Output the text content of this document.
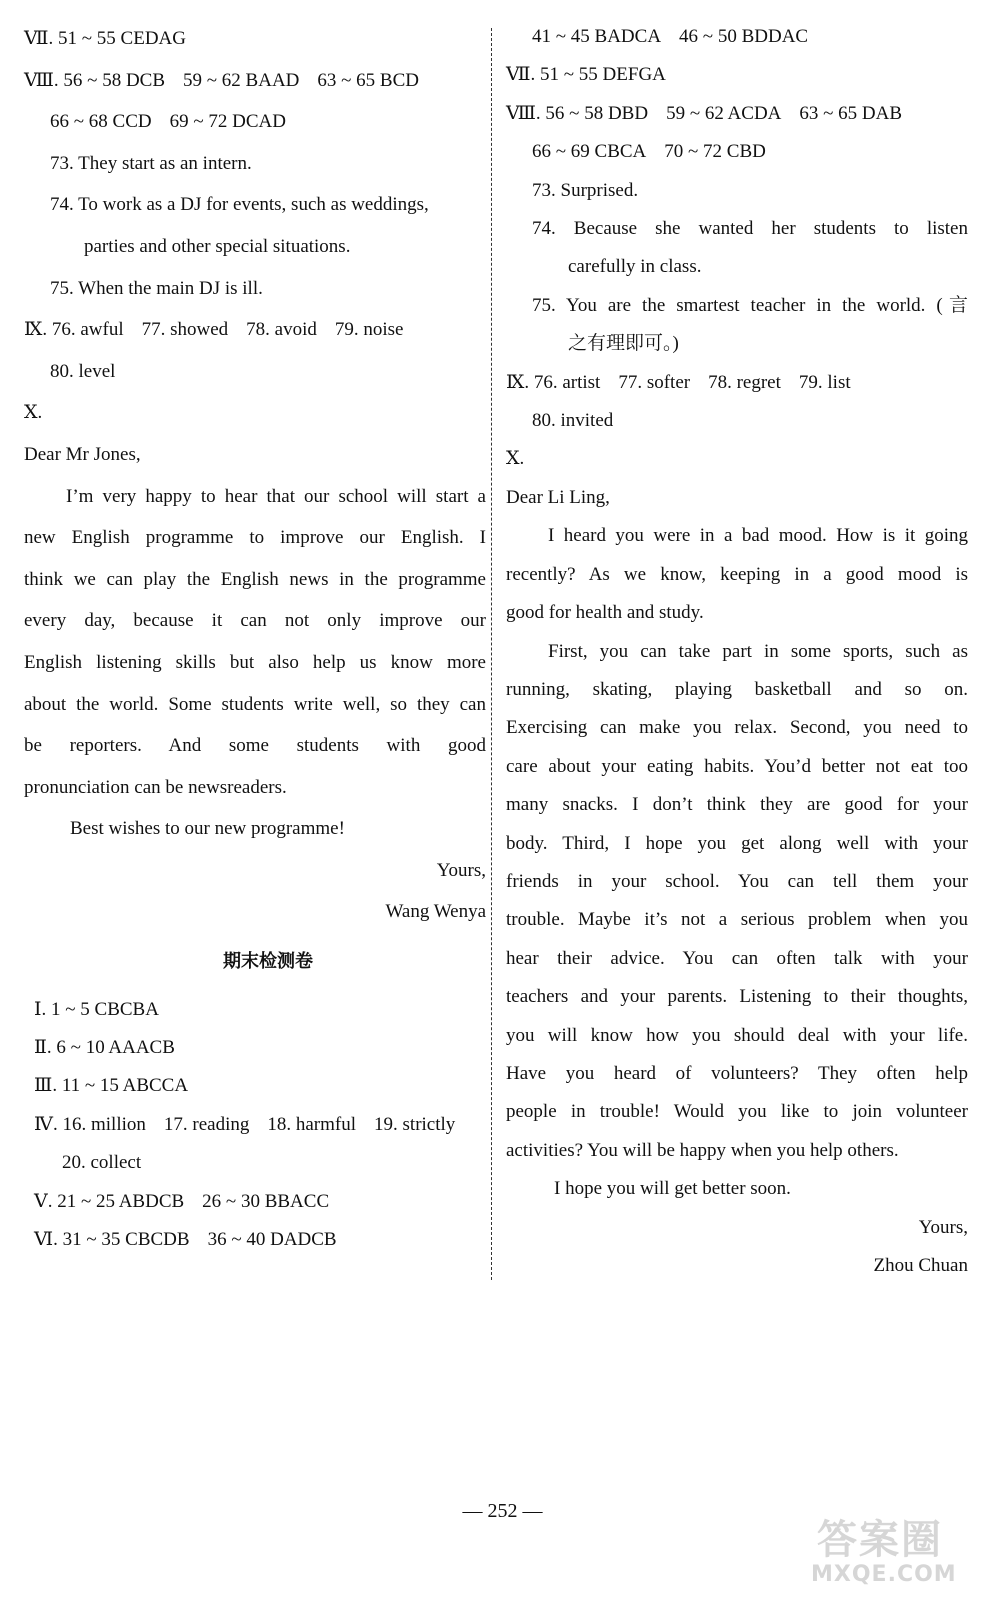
Ⅶ. 51 ~ 55 CEDAG
Ⅷ. 56 ~ 58 DCB 59 ~ 62 BAAD 63 ~ 65 BCD
66 ~ 68 CCD 69 ~ 72 DCAD
73. They start as an intern.
74. To work as a DJ for events, such as weddings,
parties and other special situations.
75. When the main DJ is ill.
Ⅸ. 76. awful 77. showed 78. avoid 79. noise
80. level
Ⅹ.
Dear Mr Jones,
I’m very happy to hear that our school will start a
new English programme to improve our English. I
think we can play the English news in the programme
every day, because it can not only improve our
English listening skills but also help us know more
about the world. Some students write well, so they can
be reporters. And some students with good
pronunciation can be newsreaders.
Best wishes to our new programme!
Yours,
Wang Wenya
期末检测卷
Ⅰ. 1 ~ 5 CBCBA
Ⅱ. 6 ~ 10 AAACB
Ⅲ. 11 ~ 15 ABCCA
Ⅳ. 16. million 17. reading 18. harmful 19. strictly
20. collect
Ⅴ. 21 ~ 25 ABDCB 26 ~ 30 BBACC
Ⅵ. 31 ~ 35 CBCDB 36 ~ 40 DADCB
41 ~ 45 BADCA 46 ~ 50 BDDAC
Ⅶ. 51 ~ 55 DEFGA
Ⅷ. 56 ~ 58 DBD 59 ~ 62 ACDA 63 ~ 65 DAB
66 ~ 69 CBCA 70 ~ 72 CBD
73. Surprised.
74. Because she wanted her students to listen
carefully in class.
75. You are the smartest teacher in the world. (言
之有理即可。)
Ⅸ. 76. artist 77. softer 78. regret 79. list
80. invited
Ⅹ.
Dear Li Ling,
I heard you were in a bad mood. How is it going
recently? As we know, keeping in a good mood is
good for health and study.
First, you can take part in some sports, such as
running, skating, playing basketball and so on.
Exercising can make you relax. Second, you need to
care about your eating habits. You’d better not eat too
many snacks. I don’t think they are good for your
body. Third, I hope you get along well with your
friends in your school. You can tell them your
trouble. Maybe it’s not a serious problem when you
hear their advice. You can often talk with your
teachers and your parents. Listening to their thoughts,
you will know how you should deal with your life.
Have you heard of volunteers? They often help
people in trouble! Would you like to join volunteer
activities? You will be happy when you help others.
I hope you will get better soon.
Yours,
Zhou Chuan
— 252 —
答案圈
MXQE.COM
